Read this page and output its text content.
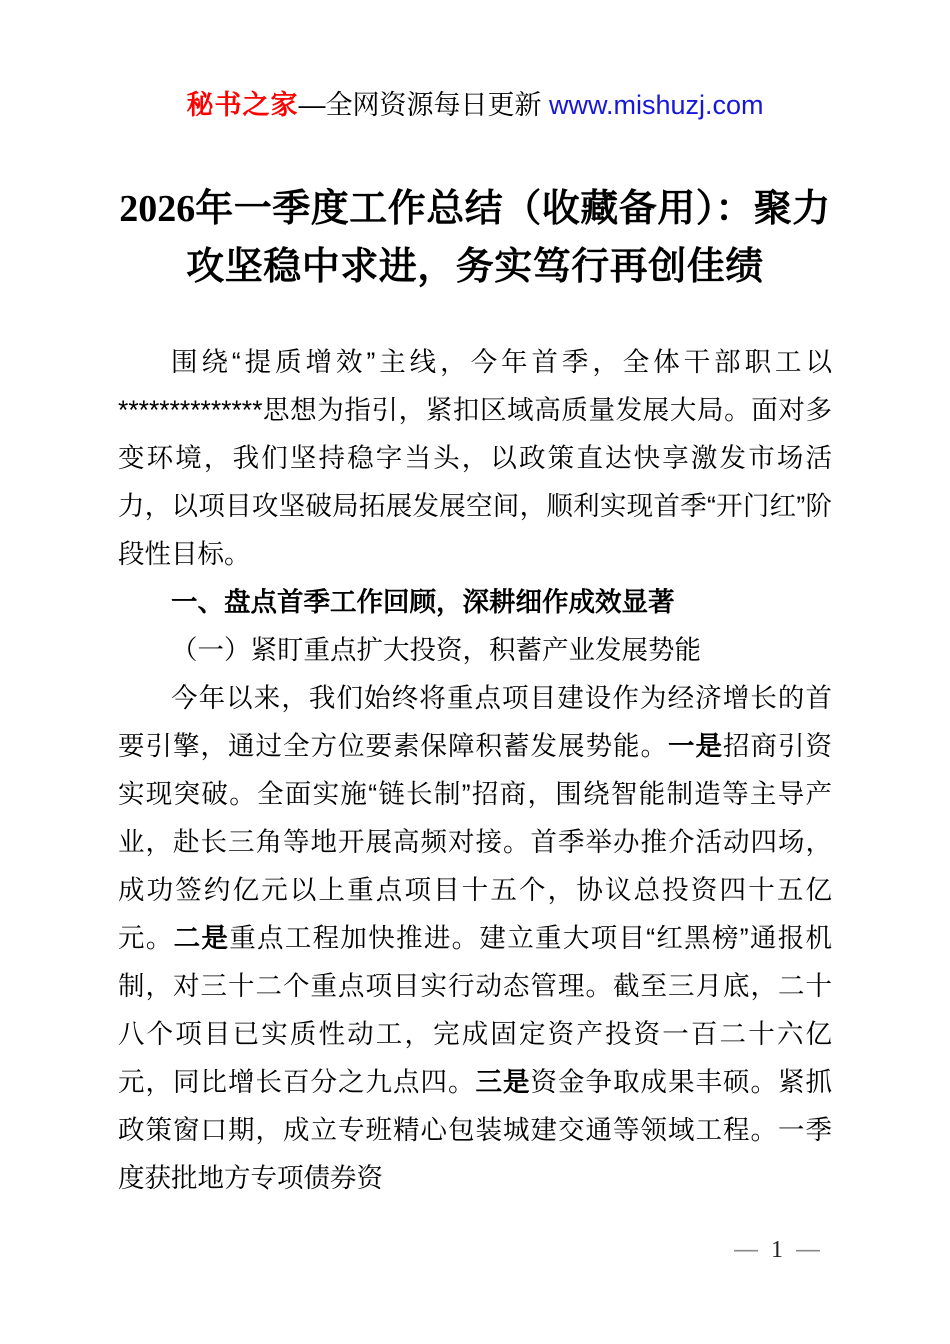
秘书之家—全网资源每日更新 www.mishuzj.com
2026年一季度工作总结（收藏备用）：聚力攻坚稳中求进，务实笃行再创佳绩

围绕“提质增效”主线，今年首季，全体干部职工以**************思想为指引，紧扣区域高质量发展大局。面对多变环境，我们坚持稳字当头，以政策直达快享激发市场活力，以项目攻坚破局拓展发展空间，顺利实现首季“开门红”阶段性目标。

一、盘点首季工作回顾，深耕细作成效显著

（一）紧盯重点扩大投资，积蓄产业发展势能

今年以来，我们始终将重点项目建设作为经济增长的首要引擎，通过全方位要素保障积蓄发展势能。一是招商引资实现突破。全面实施“链长制”招商，围绕智能制造等主导产业，赴长三角等地开展高频对接。首季举办推介活动四场，成功签约亿元以上重点项目十五个，协议总投资四十五亿元。二是重点工程加快推进。建立重大项目“红黑榜”通报机制，对三十二个重点项目实行动态管理。截至三月底，二十八个项目已实质性动工，完成固定资产投资一百二十六亿元，同比增长百分之九点四。三是资金争取成果丰硕。紧抓政策窗口期，成立专班精心包装城建交通等领域工程。一季度获批地方专项债券资

— 1 —
